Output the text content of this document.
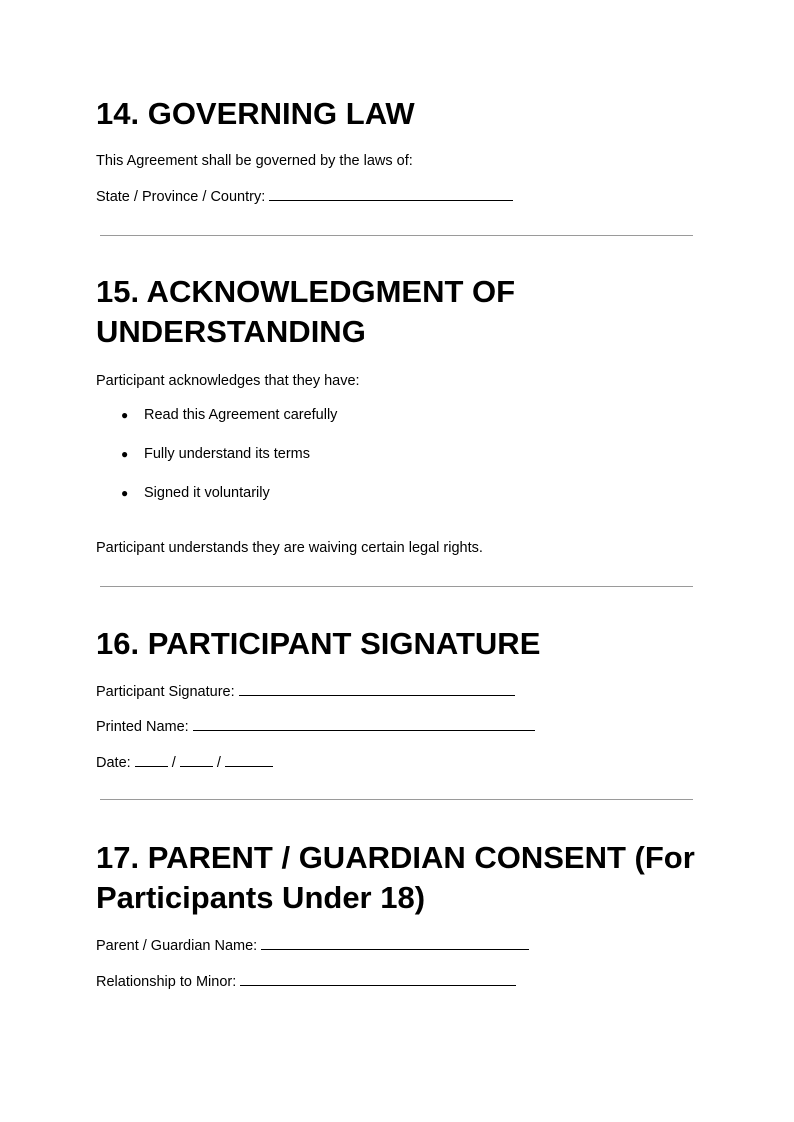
14. GOVERNING LAW

This Agreement shall be governed by the laws of:

State / Province / Country:

15. ACKNOWLEDGMENT OF UNDERSTANDING

Participant acknowledges that they have:

● Read this Agreement carefully
● Fully understand its terms
● Signed it voluntarily

Participant understands they are waiving certain legal rights.

16. PARTICIPANT SIGNATURE

Participant Signature:

Printed Name:

Date:	/	/

17. PARENT / GUARDIAN CONSENT (For Participants Under 18)

Parent / Guardian Name:

Relationship to Minor:
